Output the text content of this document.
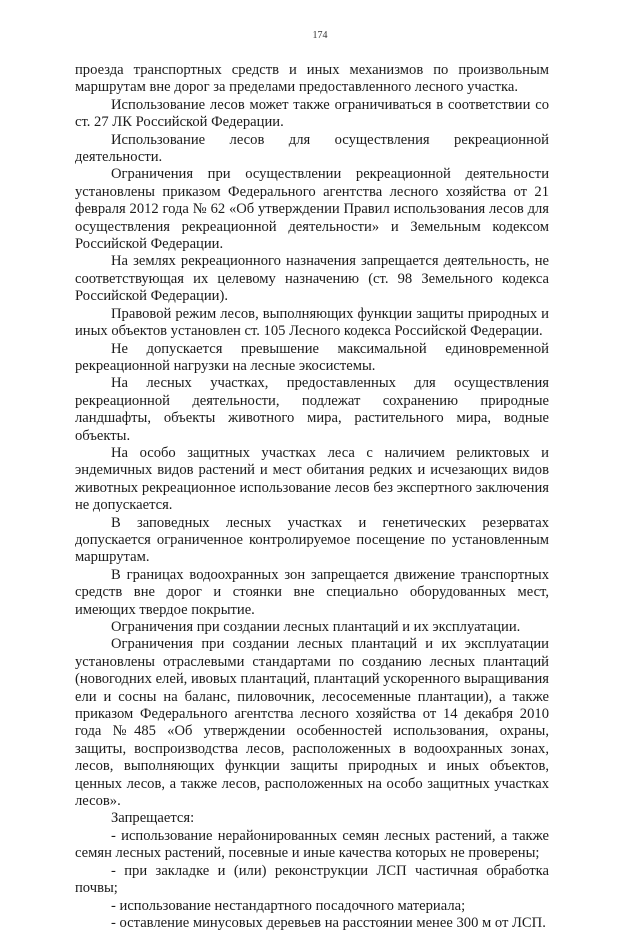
174

проезда транспортных средств и иных механизмов по произвольным маршрутам вне дорог за пределами предоставленного лесного участка.

Использование лесов может также ограничиваться в соответствии со ст. 27 ЛК Российской Федерации.

Использование лесов для осуществления рекреационной деятельности.

Ограничения при осуществлении рекреационной деятельности установлены приказом Федерального агентства лесного хозяйства от 21 февраля 2012 года № 62 «Об утверждении Правил использования лесов для осуществления рекреационной деятельности» и Земельным кодексом Российской Федерации.

На землях рекреационного назначения запрещается деятельность, не соответствующая их целевому назначению (ст. 98 Земельного кодекса Российской Федерации).

Правовой режим лесов, выполняющих функции защиты природных и иных объектов установлен ст. 105 Лесного кодекса Российской Федерации.

Не допускается превышение максимальной единовременной рекреационной нагрузки на лесные экосистемы.

На лесных участках, предоставленных для осуществления рекреационной деятельности, подлежат сохранению природные ландшафты, объекты животного мира, растительного мира, водные объекты.

На особо защитных участках леса с наличием реликтовых и эндемичных видов растений и мест обитания редких и исчезающих видов животных рекреационное использование лесов без экспертного заключения не допускается.

В заповедных лесных участках и генетических резерватах допускается ограниченное контролируемое посещение по установленным маршрутам.

В границах водоохранных зон запрещается движение транспортных средств вне дорог и стоянки вне специально оборудованных мест, имеющих твердое покрытие.

Ограничения при создании лесных плантаций и их эксплуатации.

Ограничения при создании лесных плантаций и их эксплуатации установлены отраслевыми стандартами по созданию лесных плантаций (новогодних елей, ивовых плантаций, плантаций ускоренного выращивания ели и сосны на баланс, пиловочник, лесосеменные плантации), а также приказом Федерального агентства лесного хозяйства от 14 декабря 2010 года №485 «Об утверждении особенностей использования, охраны, защиты, воспроизводства лесов, расположенных в водоохранных зонах, лесов, выполняющих функции защиты природных и иных объектов, ценных лесов, а также лесов, расположенных на особо защитных участках лесов».

Запрещается:

- использование нерайонированных семян лесных растений, а также семян лесных растений, посевные и иные качества которых не проверены;

- при закладке и (или) реконструкции ЛСП частичная обработка почвы;

- использование нестандартного посадочного материала;

- оставление минусовых деревьев на расстоянии менее 300 м от ЛСП.
